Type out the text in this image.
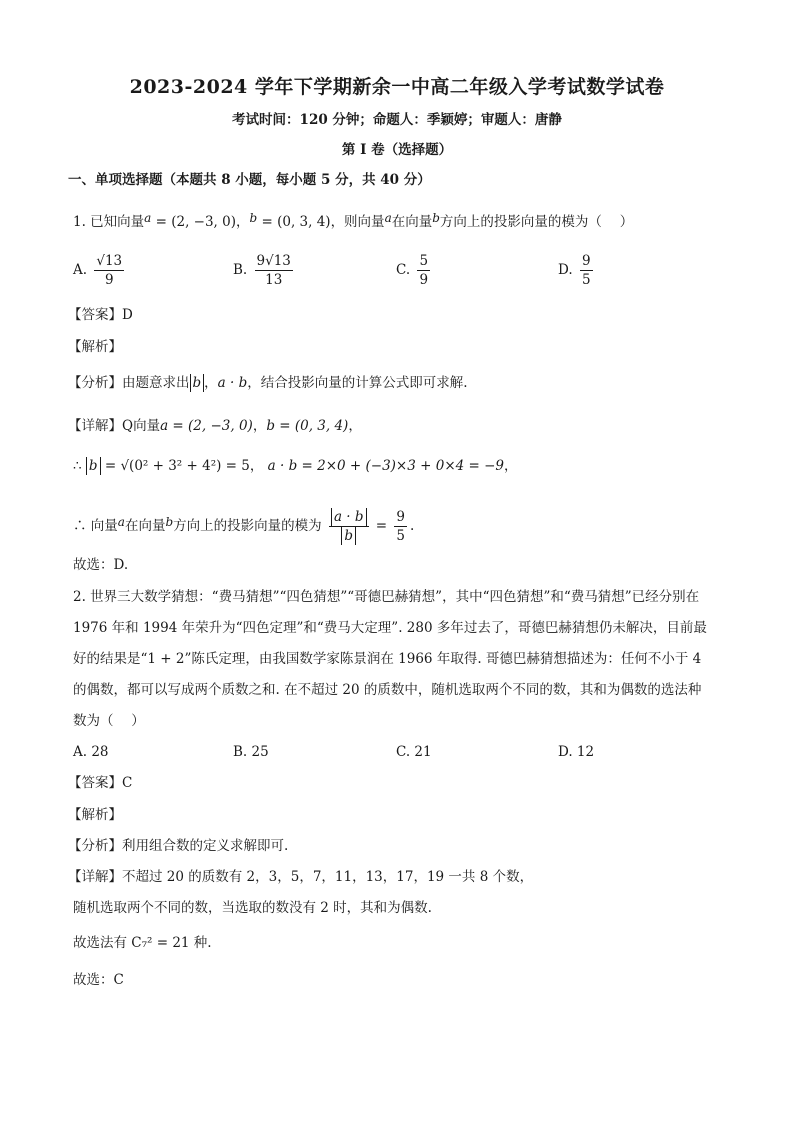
2023-2024 学年下学期新余一中高二年级入学考试数学试卷
考试时间：120 分钟；命题人：季颖婷；审题人：唐静
第 I 卷（选择题）
一、单项选择题（本题共 8 小题，每小题 5 分，共 40 分）
1. 已知向量a = (2, −3, 0)，b = (0, 3, 4)，则向量a在向量b方向上的投影向量的模为（　 ）
A. $\frac{√13}{9}$	B. $\frac{9√13}{13}$	C. $\frac{5}{9}$	D. $\frac{9}{5}$
【答案】D
【解析】
【分析】由题意求出 b ，a · b，结合投影向量的计算公式即可求解.
【详解】Q向量a = (2, −3, 0)，b = (0, 3, 4)，
∴ b = √(0² + 3² + 4²) = 5， a · b = 2×0 + (−3)×3 + 0×4 = −9，
∴ 向量a在向量b方向上的投影向量的模为 $\frac{a \cdot b}{b} = \frac{9}{5}$ .
故选：D.
2. 世界三大数学猜想：“费马猜想”“四色猜想”“哥德巴赫猜想”，其中“四色猜想”和“费马猜想”已经分别在
1976 年和 1994 年荣升为“四色定理”和“费马大定理”. 280 多年过去了，哥德巴赫猜想仍未解决，目前最
好的结果是“1 + 2”陈氏定理，由我国数学家陈景润在 1966 年取得. 哥德巴赫猜想描述为：任何不小于 4
的偶数，都可以写成两个质数之和. 在不超过 20 的质数中，随机选取两个不同的数，其和为偶数的选法种
数为（　 ）
A. 28	B. 25	C. 21	D. 12
【答案】C
【解析】
【分析】利用组合数的定义求解即可.
【详解】不超过 20 的质数有 2，3，5，7，11，13，17，19 一共 8 个数，
随机选取两个不同的数，当选取的数没有 2 时，其和为偶数.
故选法有 C₇² = 21 种.
故选：C
